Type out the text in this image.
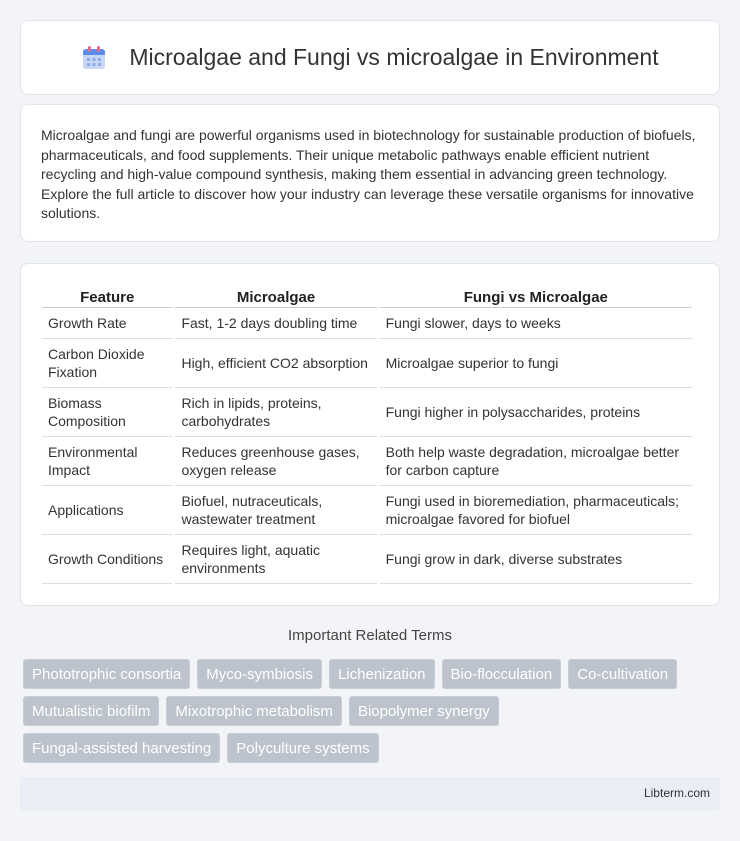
Microalgae and Fungi vs microalgae in Environment

Microalgae and fungi are powerful organisms used in biotechnology for sustainable production of biofuels, pharmaceuticals, and food supplements. Their unique metabolic pathways enable efficient nutrient recycling and high-value compound synthesis, making them essential in advancing green technology. Explore the full article to discover how your industry can leverage these versatile organisms for innovative solutions.

Feature	Microalgae	Fungi vs Microalgae
Growth Rate	Fast, 1-2 days doubling time	Fungi slower, days to weeks
Carbon Dioxide Fixation	High, efficient CO2 absorption	Microalgae superior to fungi
Biomass Composition	Rich in lipids, proteins, carbohydrates	Fungi higher in polysaccharides, proteins
Environmental Impact	Reduces greenhouse gases, oxygen release	Both help waste degradation, microalgae better for carbon capture
Applications	Biofuel, nutraceuticals, wastewater treatment	Fungi used in bioremediation, pharmaceuticals; microalgae favored for biofuel
Growth Conditions	Requires light, aquatic environments	Fungi grow in dark, diverse substrates
Important Related Terms
Phototrophic consortia	Myco-symbiosis	Lichenization	Bio-flocculation	Co-cultivation
Mutualistic biofilm	Mixotrophic metabolism	Biopolymer synergy
Fungal-assisted harvesting	Polyculture systems
Libterm.com
